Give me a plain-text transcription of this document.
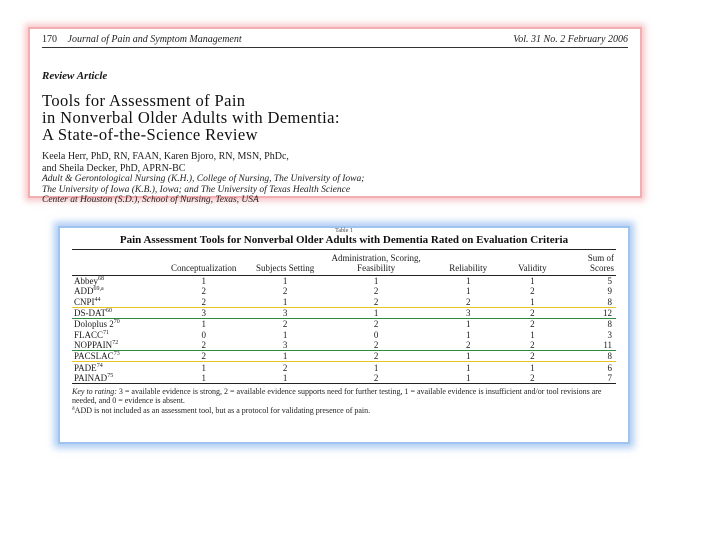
170 Journal of Pain and Symptom Management	Vol. 31 No. 2 February 2006
Review Article
Tools for Assessment of Pain
in Nonverbal Older Adults with Dementia:
A State-of-the-Science Review
Keela Herr, PhD, RN, FAAN, Karen Bjoro, RN, MSN, PhDc,
and Sheila Decker, PhD, APRN-BC
Adult & Gerontological Nursing (K.H.), College of Nursing, The University of Iowa;
The University of Iowa (K.B.), Iowa; and The University of Texas Health Science
Center at Houston (S.D.), School of Nursing, Texas, USA
Table 1
Pain Assessment Tools for Nonverbal Older Adults with Dementia Rated on Evaluation Criteria
	Conceptualization	Subjects Setting	Administration, Scoring, Feasibility	Reliability	Validity	Sum of Scores
Abbey$^{68}$	1	1	1	1	1	5
ADD$^{69,a}$	2	2	2	1	2	9
CNPI$^{44}$	2	1	2	2	1	8
DS-DAT$^{60}$	3	3	1	3	2	12
Doloplus $2^{70}$	1	2	2	1	2	8
FLACC$^{71}$	0	1	0	1	1	3
NOPPAIN$^{72}$	2	3	2	2	2	11
PACSLAC$^{73}$	2	1	2	1	2	8
PADE$^{74}$	1	2	1	1	1	6
PAINAD$^{75}$	1	1	2	1	2	7
Key to rating: 3 = available evidence is strong, 2 = available evidence supports need for further testing, 1 = available evidence is insufficient and/or tool revisions are needed, and 0 = evidence is absent.
$^a$ADD is not included as an assessment tool, but as a protocol for validating presence of pain.
